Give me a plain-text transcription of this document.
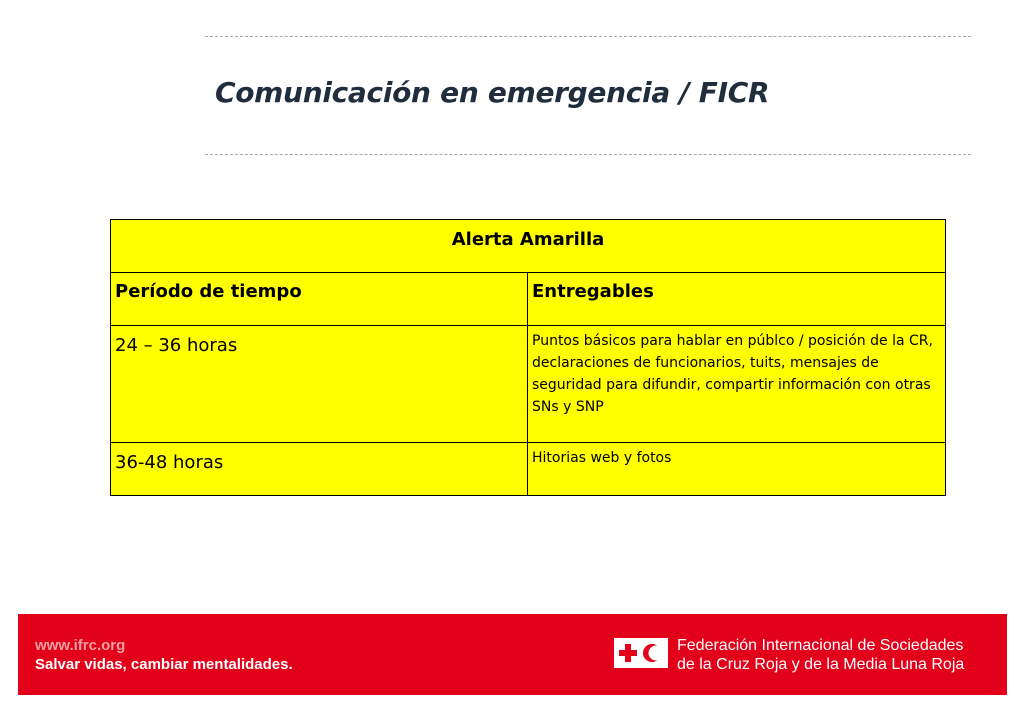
Comunicación en emergencia / FICR
Alerta Amarilla	

Período de tiempo	Entregables

24 – 36 horas	Puntos básicos para hablar en públco / posición de la CR, declaraciones de funcionarios, tuits, mensajes de seguridad para difundir, compartir información con otras SNs y SNP

36-48 horas	Hitorias web y fotos
www.ifrc.org
Salvar vidas, cambiar mentalidades.
Federación Internacional de Sociedades
de la Cruz Roja y de la Media Luna Roja
